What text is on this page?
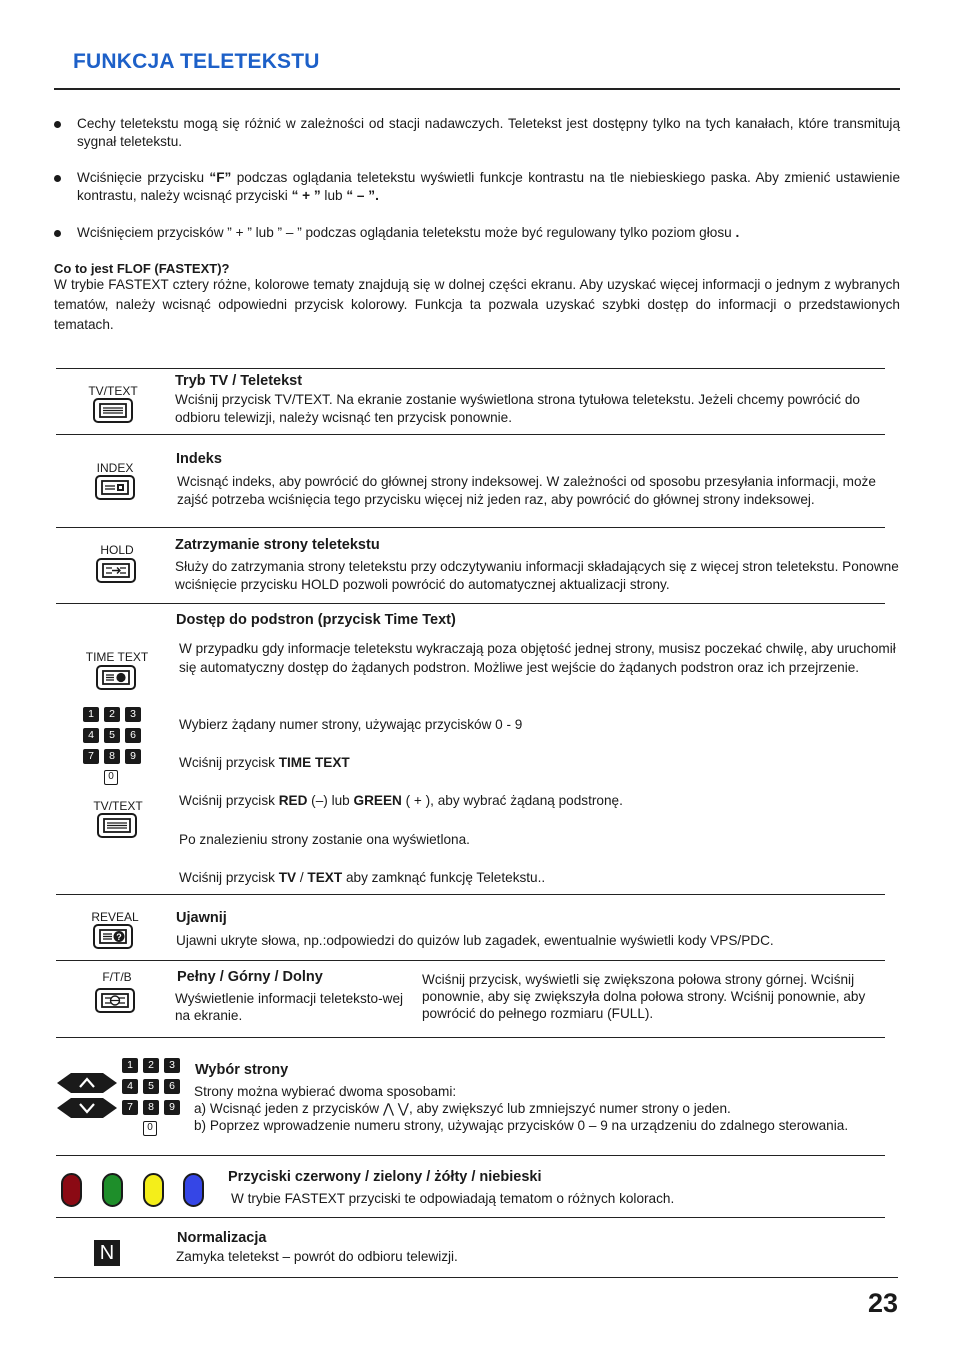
FUNKCJA TELETEKSTU
Cechy teletekstu mogą się różnić w zależności od stacji nadawczych. Teletekst jest dostępny tylko na tych kanałach, które transmitują sygnał teletekstu.
Wciśnięcie przycisku “F” podczas oglądania teletekstu wyświetli funkcje kontrastu na tle niebieskiego paska. Aby zmienić ustawienie kontrastu, należy wcisnąć przyciski “ + ” lub “ – ”.
Wciśnięciem przycisków ” + ” lub ” – ” podczas oglądania teletekstu może być regulowany tylko poziom głosu .
Co to jest FLOF (FASTEXT)?
W trybie FASTEXT cztery różne, kolorowe tematy znajdują się w dolnej części ekranu. Aby uzyskać więcej informacji o jednym z wybranych tematów, należy wcisnąć odpowiedni przycisk kolorowy. Funkcja ta pozwala uzyskać szybki dostęp do informacji o przedstawionych tematach.
TV/TEXT
Tryb TV / Teletekst
Wciśnij przycisk TV/TEXT. Na ekranie zostanie wyświetlona strona tytułowa teletekstu. Jeżeli chcemy powrócić do odbioru telewizji, należy wcisnąć ten przycisk ponownie.
INDEX
Indeks
Wcisnąć indeks, aby powrócić do głównej strony indeksowej. W zależności od sposobu przesyłania informacji, może zajść potrzeba wciśnięcia tego przycisku więcej niż jeden raz, aby powrócić do głównej strony indeksowej.
HOLD	Zatrzymanie strony teletekstu
Służy do zatrzymania strony teletekstu przy odczytywaniu informacji składających się z więcej stron teletekstu. Ponowne wciśnięcie przycisku HOLD pozwoli powrócić do automatycznej aktualizacji strony.
Dostęp do podstron (przycisk Time Text)
TIME TEXT
1	2	3
4	5	6
7	8	9
0
TV/TEXT
W przypadku gdy informacje teletekstu wykraczają poza objętość jednej strony, musisz poczekać chwilę, aby uruchomił się automatyczny dostęp do żądanych podstron. Możliwe jest wejście do żądanych podstron oraz ich przejrzenie.
Wybierz żądany numer strony, używając przycisków 0 - 9
Wciśnij przycisk TIME TEXT
Wciśnij przycisk RED (–) lub GREEN ( + ), aby wybrać żądaną podstronę.
Po znalezieniu strony zostanie ona wyświetlona.
Wciśnij przycisk TV / TEXT aby zamknąć funkcję Teletekstu..
REVEAL
?
Ujawnij
Ujawni ukryte słowa, np.:odpowiedzi do quizów lub zagadek, ewentualnie wyświetli kody VPS/PDC.
F/T/B	Pełny / Górny / Dolny
Wyświetlenie informacji teleteksto-wej na ekranie.
Wciśnij przycisk, wyświetli się zwiększona połowa strony górnej. Wciśnij ponownie, aby się zwiększyła dolna połowa strony. Wciśnij ponownie, aby powrócić do pełnego rozmiaru (FULL).
1	2	3
4	5	6
7	8	9
0
Wybór strony
Strony można wybierać dwoma sposobami:
a) Wcisnąć jeden z przycisków ⋀ ⋁, aby zwiększyć lub zmniejszyć numer strony o jeden.
b) Poprzez wprowadzenie numeru strony, używając przycisków 0 – 9 na urządzeniu do zdalnego sterowania.
Przyciski czerwony / zielony / żółty / niebieski
W trybie FASTEXT przyciski te odpowiadają tematom o różnych kolorach.
N
Normalizacja
Zamyka teletekst – powrót do odbioru telewizji.
23
